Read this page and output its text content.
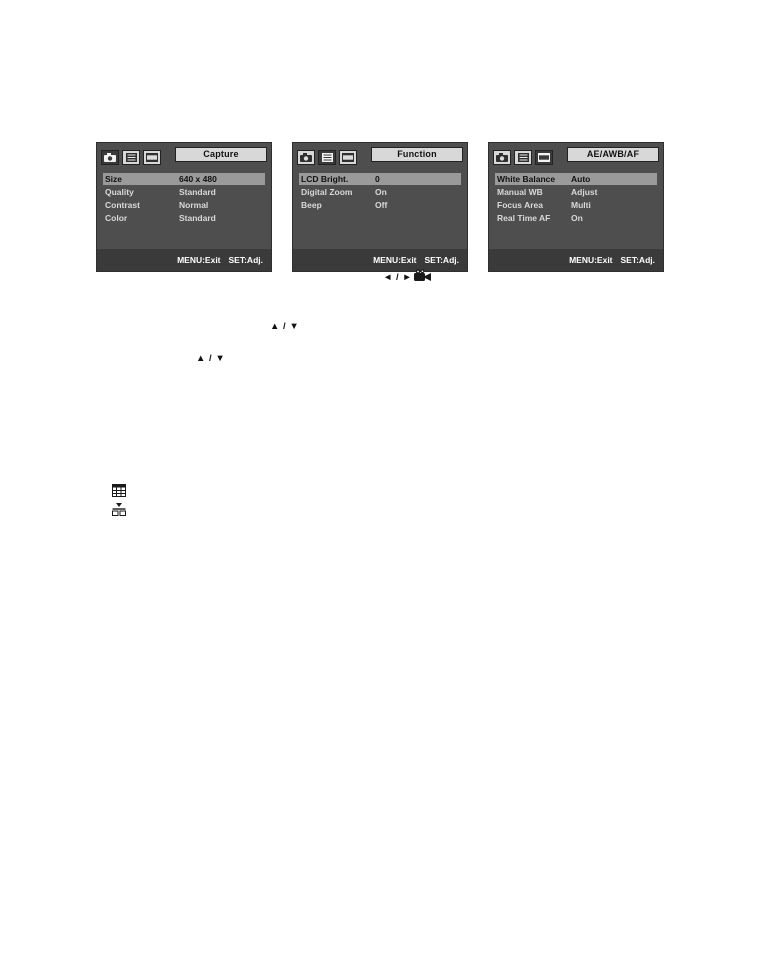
Capture
Size	640 x 480
Quality	Standard
Contrast	Normal
Color	Standard
MENU:Exit SET:Adj.
Function
LCD Bright.	0
Digital Zoom	On
Beep	Off
MENU:Exit SET:Adj.
AE/AWB/AF
White Balance	Auto
Manual WB	Adjust
Focus Area	Multi
Real Time AF	On
MENU:Exit SET:Adj.
◄ / ►
▲ / ▼
▲ / ▼
